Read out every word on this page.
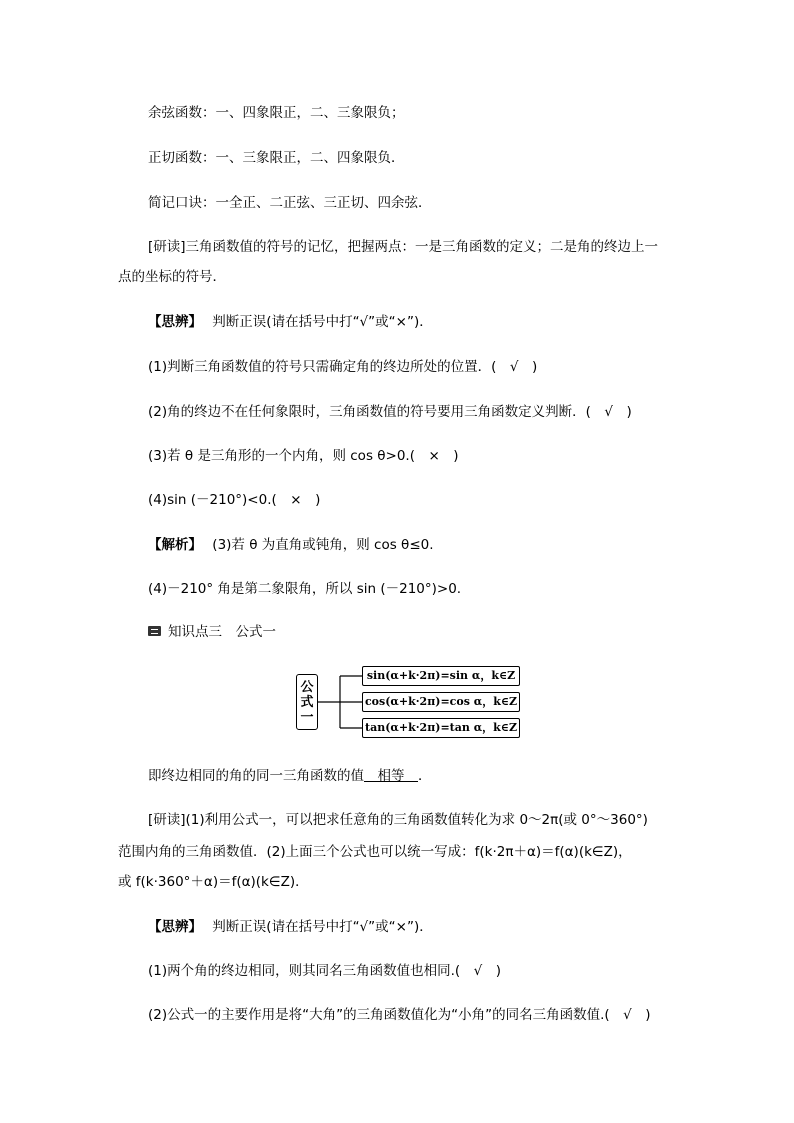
余弦函数：一、四象限正，二、三象限负；
正切函数：一、三象限正，二、四象限负．
简记口诀：一全正、二正弦、三正切、四余弦．
[研读]三角函数值的符号的记忆，把握两点：一是三角函数的定义；二是角的终边上一
点的坐标的符号．
【思辨】 判断正误(请在括号中打“√”或“×”)．
(1)判断三角函数值的符号只需确定角的终边所处的位置．(　√　)
(2)角的终边不在任何象限时，三角函数值的符号要用三角函数定义判断．(　√　)
(3)若 θ 是三角形的一个内角，则 cos θ>0.(　×　)
(4)sin (－210°)<0.(　×　)
【解析】 (3)若 θ 为直角或钝角，则 cos θ≤0.
(4)－210° 角是第二象限角，所以 sin (－210°)>0.
知识点三　公式一
公
式
一
sin(α+k·2π)=sin α，k∈Z
cos(α+k·2π)=cos α，k∈Z
tan(α+k·2π)=tan α，k∈Z
即终边相同的角的同一三角函数的值　相等　．
[研读](1)利用公式一，可以把求任意角的三角函数值转化为求 0～2π(或 0°～360°)
范围内角的三角函数值．(2)上面三个公式也可以统一写成：f(k·2π＋α)＝f(α)(k∈Z)，
或 f(k·360°＋α)＝f(α)(k∈Z)．
【思辨】 判断正误(请在括号中打“√”或“×”)．
(1)两个角的终边相同，则其同名三角函数值也相同.(　√　)
(2)公式一的主要作用是将“大角”的三角函数值化为“小角”的同名三角函数值.(　√　)
